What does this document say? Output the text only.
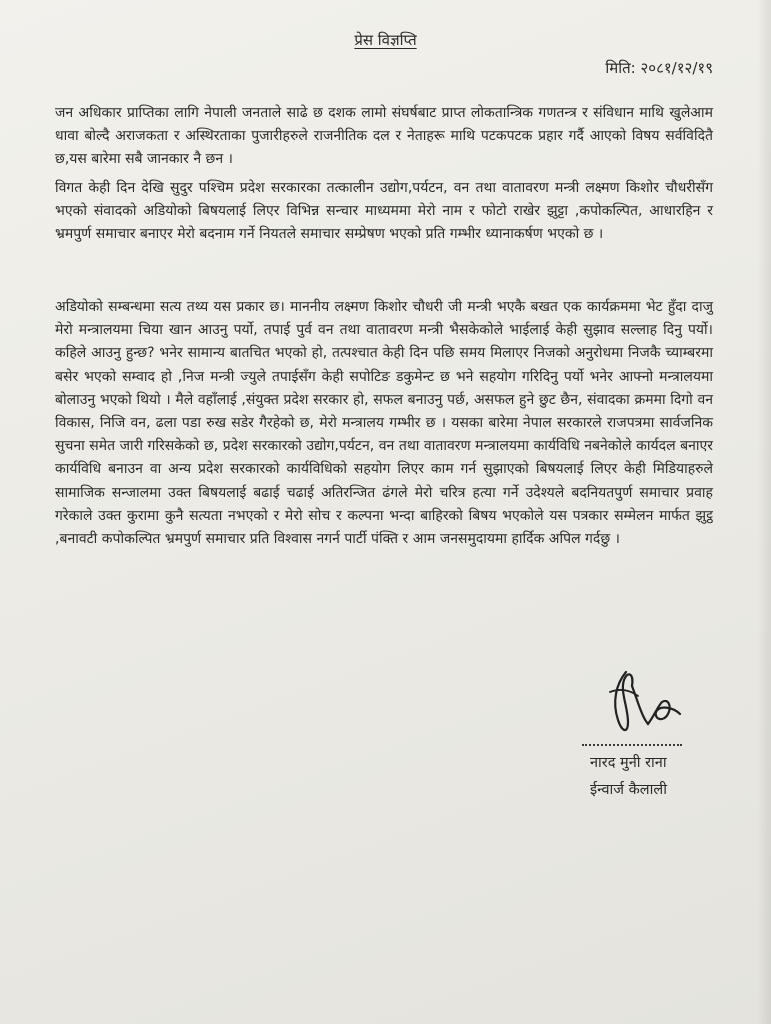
प्रेस विज्ञप्ति
मिति: २०८१/१२/१९
जन अधिकार प्राप्तिका लागि नेपाली जनताले साढे छ दशक लामो संघर्षबाट प्राप्त लोकतान्त्रिक गणतन्त्र र संविधान माथि खुलेआम धावा बोल्दै अराजकता र अस्थिरताका पुजारीहरुले राजनीतिक दल र नेताहरू माथि पटकपटक प्रहार गर्दै आएको विषय सर्वविदितै छ,यस बारेमा सबै जानकार नै छन ।
विगत केही दिन देखि सुदुर पश्चिम प्रदेश सरकारका तत्कालीन उद्योग,पर्यटन, वन तथा वातावरण मन्त्री लक्ष्मण किशोर चौधरीसँग भएको संवादको अडियोको बिषयलाई लिएर विभिन्न सन्चार माध्यममा मेरो नाम र फोटो राखेर झुट्टा ,कपोकल्पित, आधारहिन र भ्रमपुर्ण समाचार बनाएर मेरो बदनाम गर्ने नियतले समाचार सम्प्रेषण भएको प्रति गम्भीर ध्यानाकर्षण भएको छ ।
अडियोको सम्बन्धमा सत्य तथ्य यस प्रकार छ। माननीय लक्ष्मण किशोर चौधरी जी मन्त्री भएकै बखत एक कार्यक्रममा भेट हुँदा दाजु मेरो मन्त्रालयमा चिया खान आउनु पर्यो, तपाई पुर्व वन तथा वातावरण मन्त्री भैसकेकोले भाईलाई केही सुझाव सल्लाह दिनु पर्यो। कहिले आउनु हुन्छ? भनेर सामान्य बातचित भएको हो, तत्पश्चात केही दिन पछि समय मिलाएर निजको अनुरोधमा निजकै च्याम्बरमा बसेर भएको सम्वाद हो ,निज मन्त्री ज्युले तपाईसँग केही सपोटिङ डकुमेन्ट छ भने सहयोग गरिदिनु पर्यो भनेर आफ्नो मन्त्रालयमा बोलाउनु भएको थियो । मैले वहाँलाई ,संयुक्त प्रदेश सरकार हो, सफल बनाउनु पर्छ, असफल हुने छुट छैन, संवादका क्रममा दिगो वन विकास, निजि वन, ढला पडा रुख सडेर गैरहेको छ, मेरो मन्त्रालय गम्भीर छ । यसका बारेमा नेपाल सरकारले राजपत्रमा सार्वजनिक सुचना समेत जारी गरिसकेको छ, प्रदेश सरकारको उद्योग,पर्यटन, वन तथा वातावरण मन्त्रालयमा कार्यविधि नबनेकोले कार्यदल बनाएर कार्यविधि बनाउन वा अन्य प्रदेश सरकारको कार्यविधिको सहयोग लिएर काम गर्न सुझाएको बिषयलाई लिएर केही मिडियाहरुले सामाजिक सन्जालमा उक्त बिषयलाई बढाई चढाई अतिरन्जित ढंगले मेरो चरित्र हत्या गर्ने उदेश्यले बदनियतपुर्ण समाचार प्रवाह गरेकाले उक्त कुरामा कुनै सत्यता नभएको र मेरो सोच र कल्पना भन्दा बाहिरको बिषय भएकोले यस पत्रकार सम्मेलन मार्फत झुट्ठ ,बनावटी कपोकल्पित भ्रमपुर्ण समाचार प्रति विश्वास नगर्न पार्टी पंक्ति र आम जनसमुदायमा हार्दिक अपिल गर्दछु ।
नारद मुनी राना
ईन्वार्ज कैलाली
